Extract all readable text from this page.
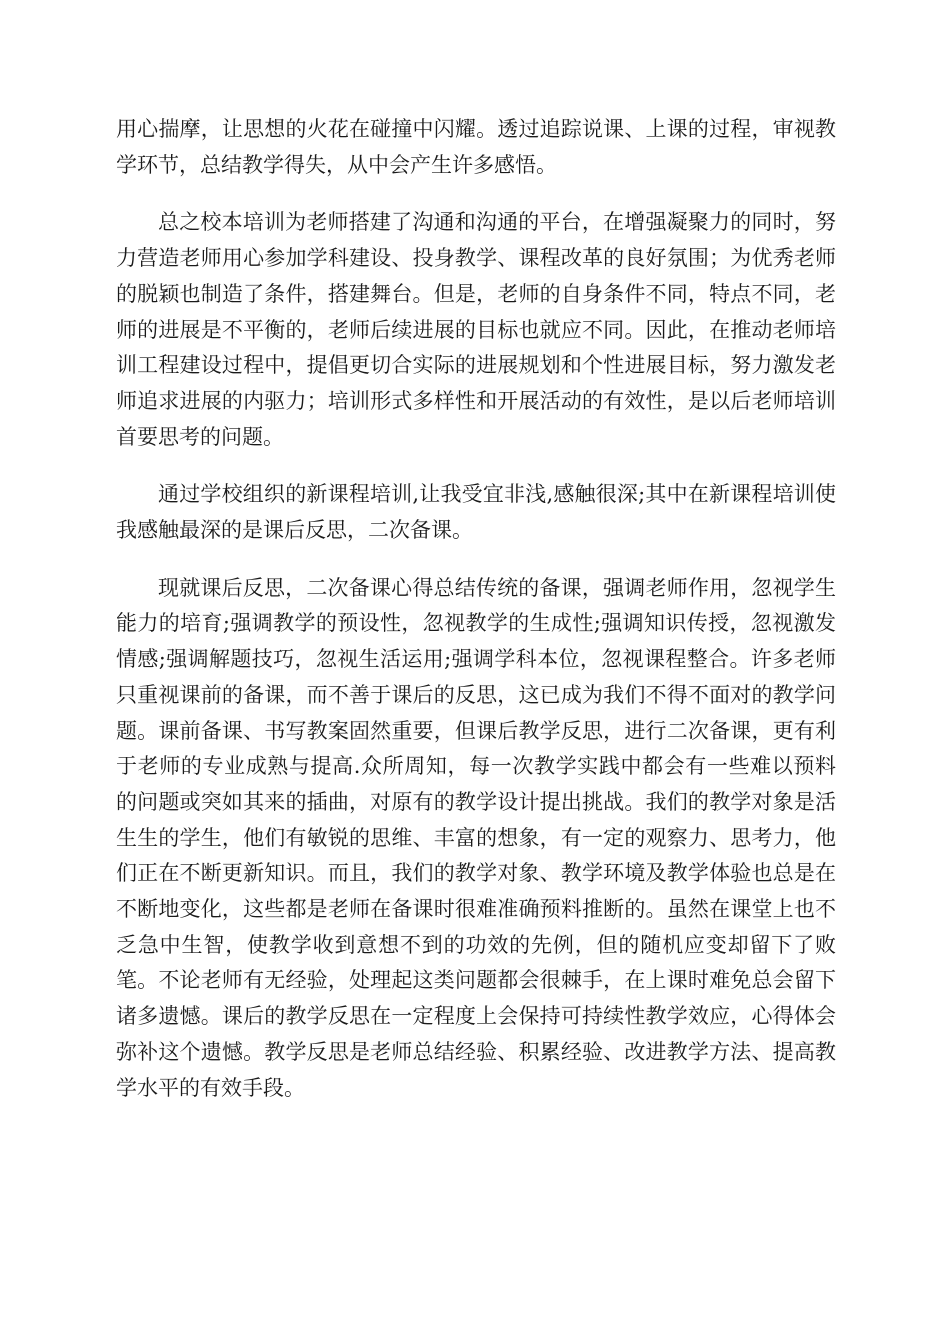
用心揣摩，让思想的火花在碰撞中闪耀。透过追踪说课、上课的过程，审视教学环节，总结教学得失，从中会产生许多感悟。

总之校本培训为老师搭建了沟通和沟通的平台，在增强凝聚力的同时，努力营造老师用心参加学科建设、投身教学、课程改革的良好氛围；为优秀老师的脱颖也制造了条件，搭建舞台。但是，老师的自身条件不同，特点不同，老师的进展是不平衡的，老师后续进展的目标也就应不同。因此，在推动老师培训工程建设过程中，提倡更切合实际的进展规划和个性进展目标，努力激发老师追求进展的内驱力；培训形式多样性和开展活动的有效性，是以后老师培训首要思考的问题。

通过学校组织的新课程培训,让我受宜非浅,感触很深;其中在新课程培训使我感触最深的是课后反思，二次备课。

现就课后反思，二次备课心得总结传统的备课，强调老师作用，忽视学生能力的培育;强调教学的预设性，忽视教学的生成性;强调知识传授，忽视激发情感;强调解题技巧，忽视生活运用;强调学科本位，忽视课程整合。许多老师只重视课前的备课，而不善于课后的反思，这已成为我们不得不面对的教学问题。课前备课、书写教案固然重要，但课后教学反思，进行二次备课，更有利于老师的专业成熟与提高.众所周知，每一次教学实践中都会有一些难以预料的问题或突如其来的插曲，对原有的教学设计提出挑战。我们的教学对象是活生生的学生，他们有敏锐的思维、丰富的想象，有一定的观察力、思考力，他们正在不断更新知识。而且，我们的教学对象、教学环境及教学体验也总是在不断地变化，这些都是老师在备课时很难准确预料推断的。虽然在课堂上也不乏急中生智，使教学收到意想不到的功效的先例，但的随机应变却留下了败笔。不论老师有无经验，处理起这类问题都会很棘手，在上课时难免总会留下诸多遗憾。课后的教学反思在一定程度上会保持可持续性教学效应，心得体会弥补这个遗憾。教学反思是老师总结经验、积累经验、改进教学方法、提高教学水平的有效手段。
